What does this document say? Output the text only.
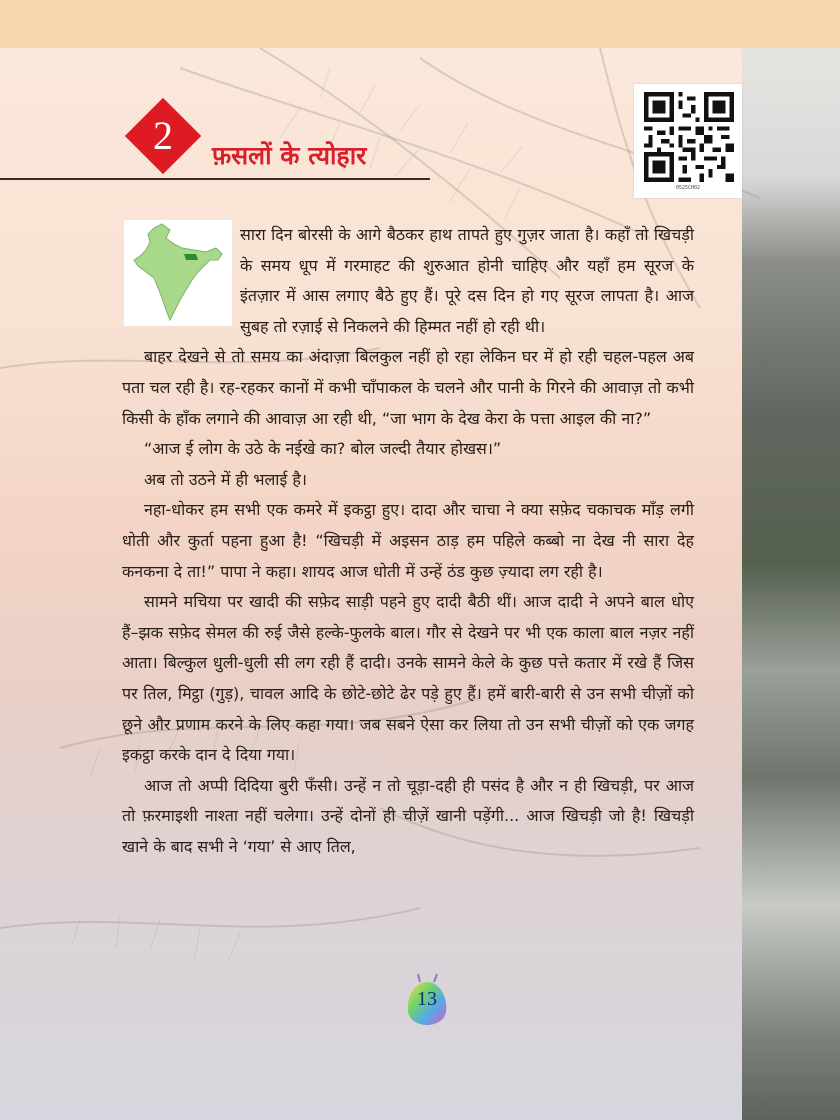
2	फ़सलों के त्योहार
0525CH02

सारा दिन बोरसी के आगे बैठकर हाथ तापते हुए गुज़र जाता है। कहाँ तो खिचड़ी के समय धूप में गरमाहट की शुरुआत होनी चाहिए और यहाँ हम सूरज के इंतज़ार में आस लगाए बैठे हुए हैं। पूरे दस दिन हो गए सूरज लापता है। आज सुबह तो रज़ाई से निकलने की हिम्मत नहीं हो रही थी।

बाहर देखने से तो समय का अंदाज़ा बिलकुल नहीं हो रहा लेकिन घर में हो रही चहल-पहल अब पता चल रही है। रह-रहकर कानों में कभी चाँपाकल के चलने और पानी के गिरने की आवाज़ तो कभी किसी के हाँक लगाने की आवाज़ आ रही थी, “जा भाग के देख केरा के पत्ता आइल की ना?”

“आज ई लोग के उठे के नईखे का? बोल जल्दी तैयार होखस।”

अब तो उठने में ही भलाई है।

नहा-धोकर हम सभी एक कमरे में इकट्ठा हुए। दादा और चाचा ने क्या सफ़ेद चकाचक माँड़ लगी धोती और कुर्ता पहना हुआ है! “खिचड़ी में अइसन ठाड़ हम पहिले कब्बो ना देख नी सारा देह कनकना दे ता!” पापा ने कहा। शायद आज धोती में उन्हें ठंड कुछ ज़्यादा लग रही है।

सामने मचिया पर खादी की सफ़ेद साड़ी पहने हुए दादी बैठी थीं। आज दादी ने अपने बाल धोए हैं–झक सफ़ेद सेमल की रुई जैसे हल्के-फुलके बाल। गौर से देखने पर भी एक काला बाल नज़र नहीं आता। बिल्कुल धुली-धुली सी लग रही हैं दादी। उनके सामने केले के कुछ पत्ते कतार में रखे हैं जिस पर तिल, मिट्ठा (गुड़), चावल आदि के छोटे-छोटे ढेर पड़े हुए हैं। हमें बारी-बारी से उन सभी चीज़ों को छूने और प्रणाम करने के लिए कहा गया। जब सबने ऐसा कर लिया तो उन सभी चीज़ों को एक जगह इकट्ठा करके दान दे दिया गया।

आज तो अप्पी दिदिया बुरी फँसी। उन्हें न तो चूड़ा-दही ही पसंद है और न ही खिचड़ी, पर आज तो फ़रमाइशी नाश्ता नहीं चलेगा। उन्हें दोनों ही चीज़ें खानी पड़ेंगी... आज खिचड़ी जो है! खिचड़ी खाने के बाद सभी ने ‘गया’ से आए तिल,

13
